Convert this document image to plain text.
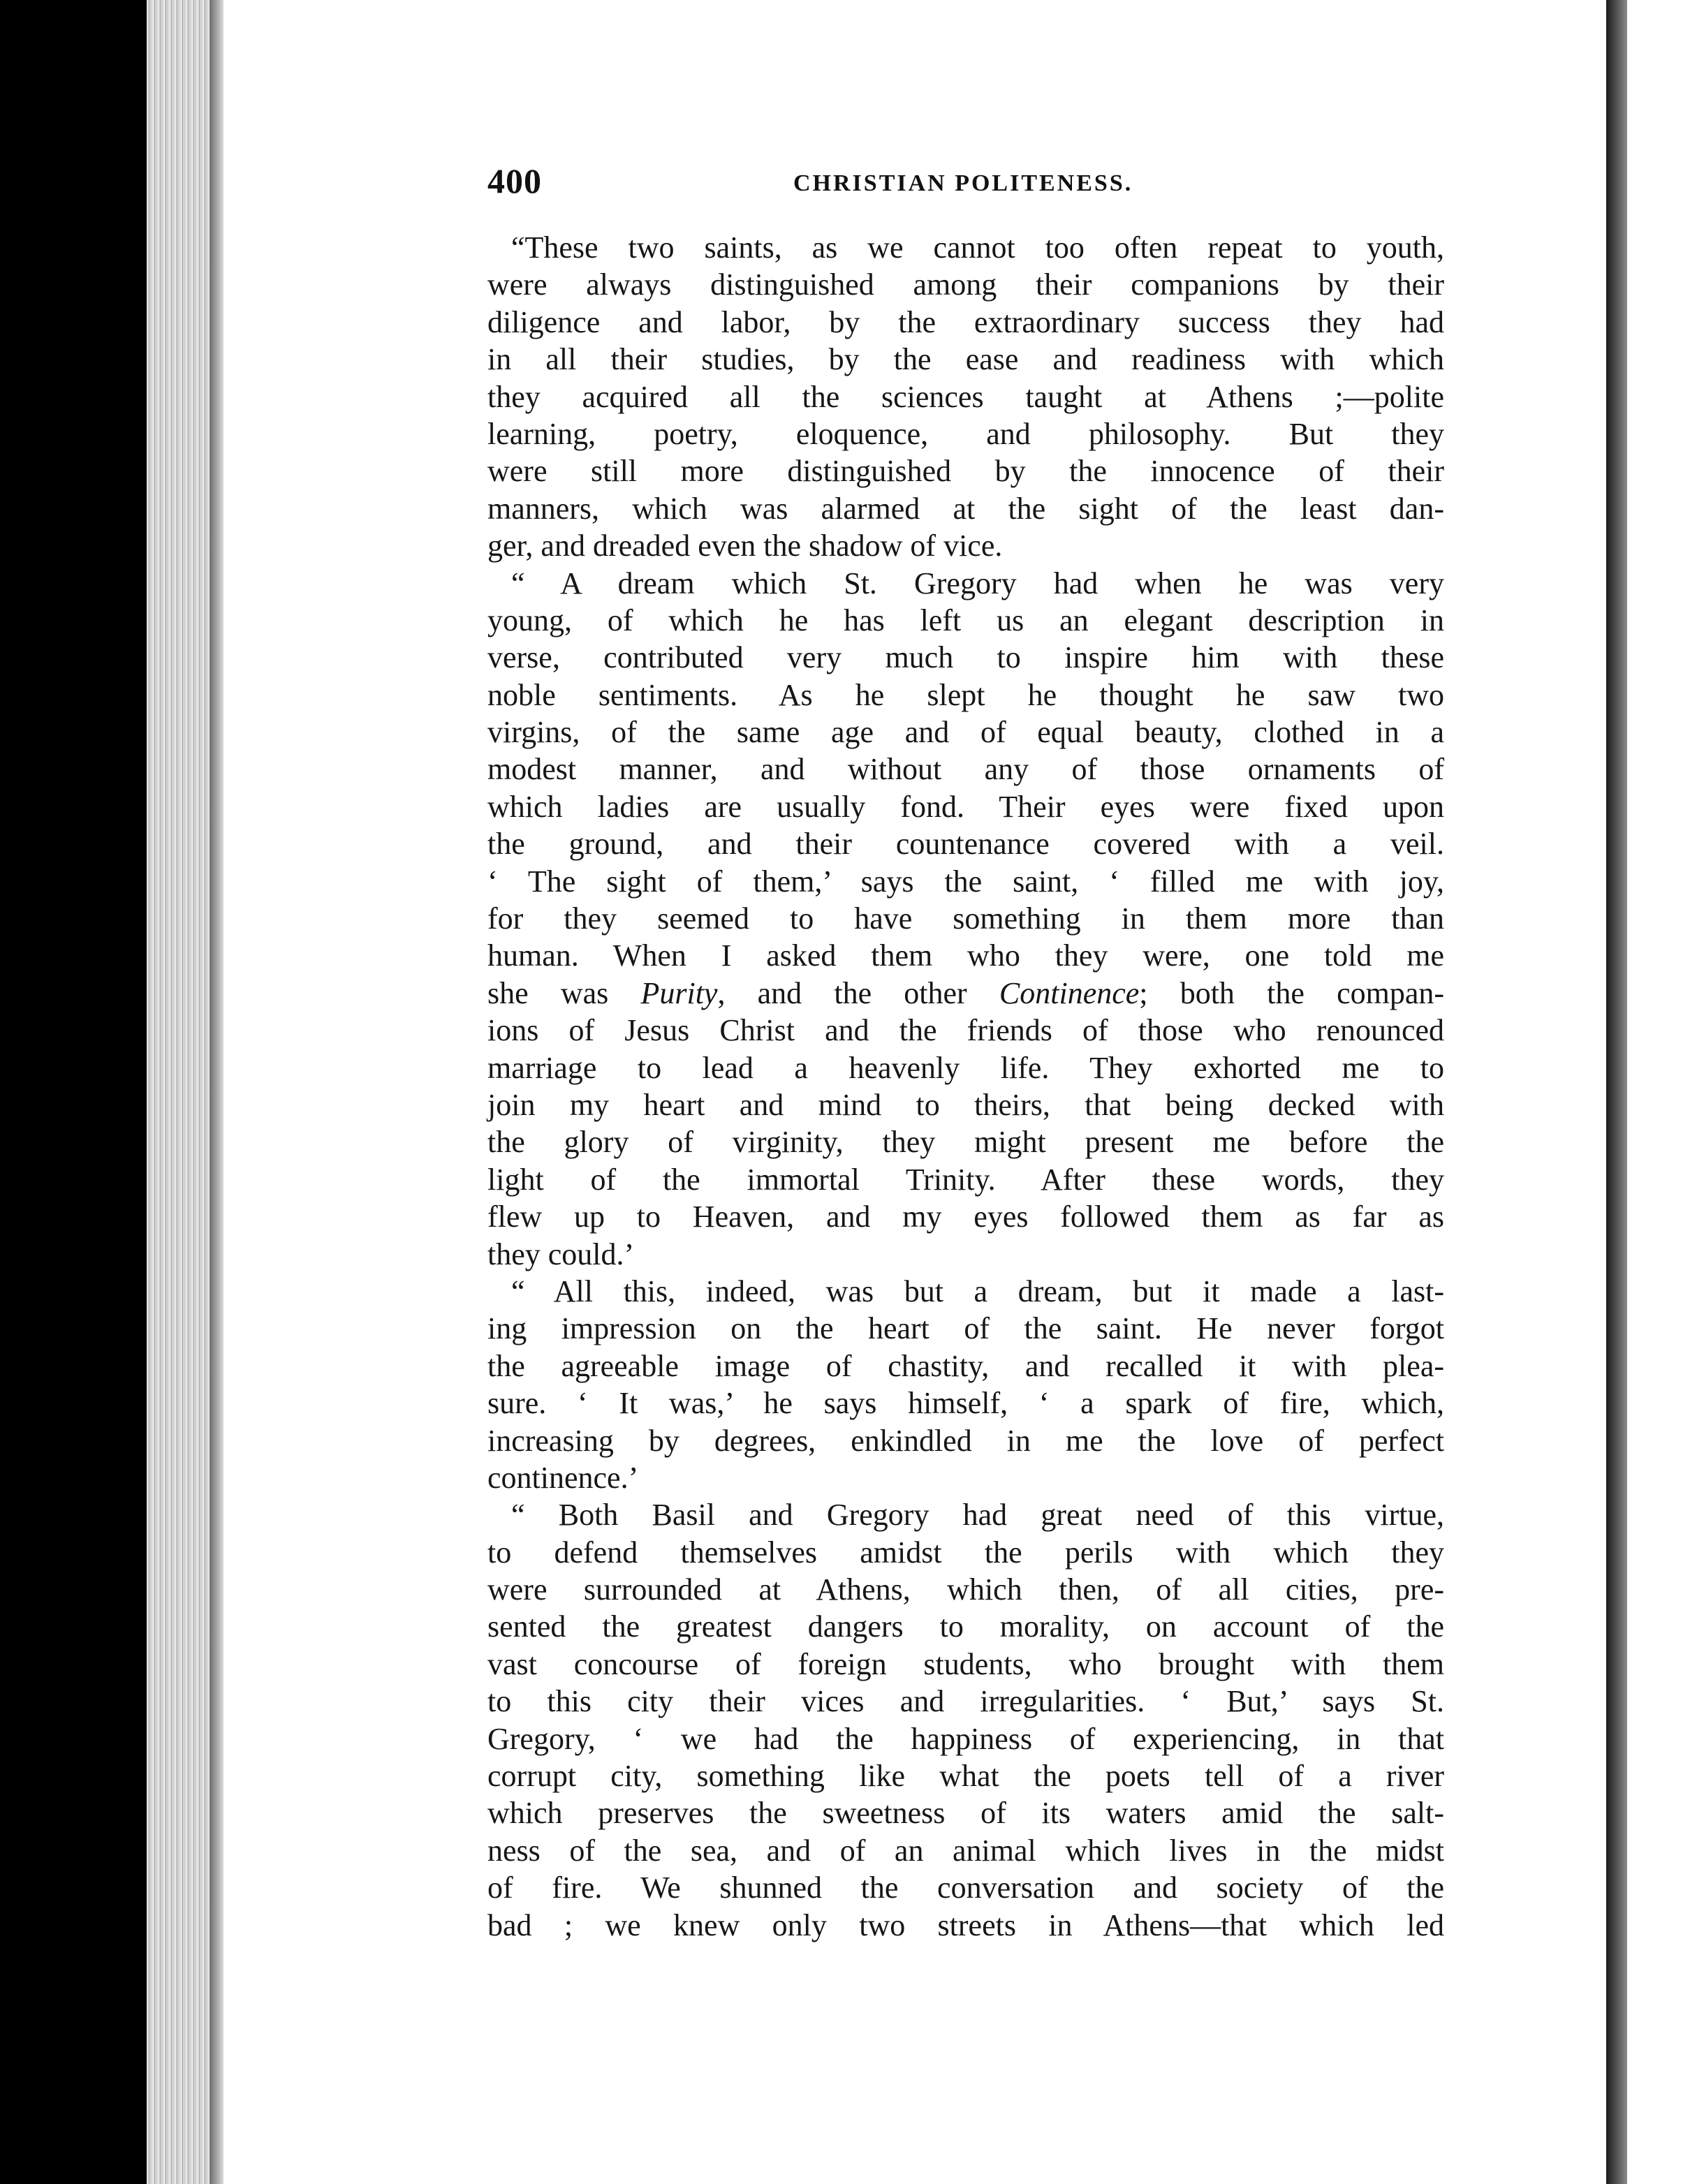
400	CHRISTIAN POLITENESS.
“These two saints, as we cannot too often repeat to youth,
were always distinguished among their companions by their
diligence and labor, by the extraordinary success they had
in all their studies, by the ease and readiness with which
they acquired all the sciences taught at Athens ;—polite
learning, poetry, eloquence, and philosophy. But they
were still more distinguished by the innocence of their
manners, which was alarmed at the sight of the least dan-
ger, and dreaded even the shadow of vice.
“ A dream which St. Gregory had when he was very
young, of which he has left us an elegant description in
verse, contributed very much to inspire him with these
noble sentiments. As he slept he thought he saw two
virgins, of the same age and of equal beauty, clothed in a
modest manner, and without any of those ornaments of
which ladies are usually fond. Their eyes were fixed upon
the ground, and their countenance covered with a veil.
‘ The sight of them,’ says the saint, ‘ filled me with joy,
for they seemed to have something in them more than
human. When I asked them who they were, one told me
she was Purity, and the other Continence; both the compan-
ions of Jesus Christ and the friends of those who renounced
marriage to lead a heavenly life. They exhorted me to
join my heart and mind to theirs, that being decked with
the glory of virginity, they might present me before the
light of the immortal Trinity. After these words, they
flew up to Heaven, and my eyes followed them as far as
they could.’
“ All this, indeed, was but a dream, but it made a last-
ing impression on the heart of the saint. He never forgot
the agreeable image of chastity, and recalled it with plea-
sure. ‘ It was,’ he says himself, ‘ a spark of fire, which,
increasing by degrees, enkindled in me the love of perfect
continence.’
“ Both Basil and Gregory had great need of this virtue,
to defend themselves amidst the perils with which they
were surrounded at Athens, which then, of all cities, pre-
sented the greatest dangers to morality, on account of the
vast concourse of foreign students, who brought with them
to this city their vices and irregularities. ‘ But,’ says St.
Gregory, ‘ we had the happiness of experiencing, in that
corrupt city, something like what the poets tell of a river
which preserves the sweetness of its waters amid the salt-
ness of the sea, and of an animal which lives in the midst
of fire. We shunned the conversation and society of the
bad ; we knew only two streets in Athens—that which led
